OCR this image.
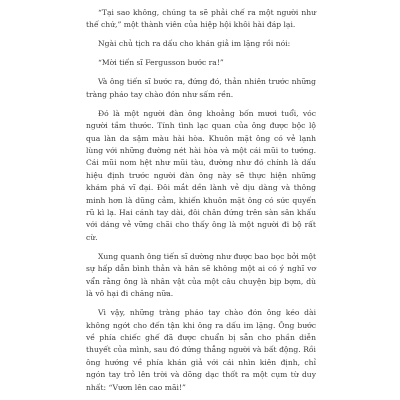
“Tại sao không, chúng ta sẽ phải chế ra một người như thế chứ,” một thành viên của hiệp hội khôi hài đáp lại.

Ngài chủ tịch ra dấu cho khán giả im lặng rồi nói:

“Mời tiến sĩ Fergusson bước ra!”

Và ông tiến sĩ bước ra, đứng đó, thản nhiên trước những tràng pháo tay chào đón như sấm rền.

Đó là một người đàn ông khoảng bốn mươi tuổi, vóc người tầm thước. Tính tình lạc quan của ông được bộc lộ qua làn da sậm màu hài hòa. Khuôn mặt ông có vẻ lạnh lùng với những đường nét hài hòa và một cái mũi to tướng. Cái mũi nom hệt như mũi tàu, đường như đó chính là dấu hiệu định trước người đàn ông này sẽ thực hiện những khám phá vĩ đại. Đôi mắt dền lành vẻ dịu dàng và thông minh hơn là dũng cảm, khiến khuôn mặt ông có sức quyến rũ kì lạ. Hai cánh tay dài, đôi chân đứng trên sàn sân khấu với dáng vẻ vững chãi cho thấy ông là một người đi bộ rất cừ.

Xung quanh ông tiến sĩ dường như được bao bọc bởi một sự hấp dẫn bình thản và hân sẽ không một ai có ý nghĩ vơ vẩn rằng ông là nhân vật của một câu chuyện bịp bợm, dù là vô hại đi chăng nữa.

Vì vậy, những tràng pháo tay chào đón ông kéo dài không ngớt cho đến tận khi ông ra dấu im lặng. Ông bước về phía chiếc ghế đã được chuẩn bị sẵn cho phần diễn thuyết của mình, sau đó đứng thẳng người và bất động. Rồi ông hướng về phía khán giả với cái nhìn kiên định, chỉ ngón tay trỏ lên trời và dõng dạc thốt ra một cụm từ duy nhất: “Vươn lên cao mãi!”
